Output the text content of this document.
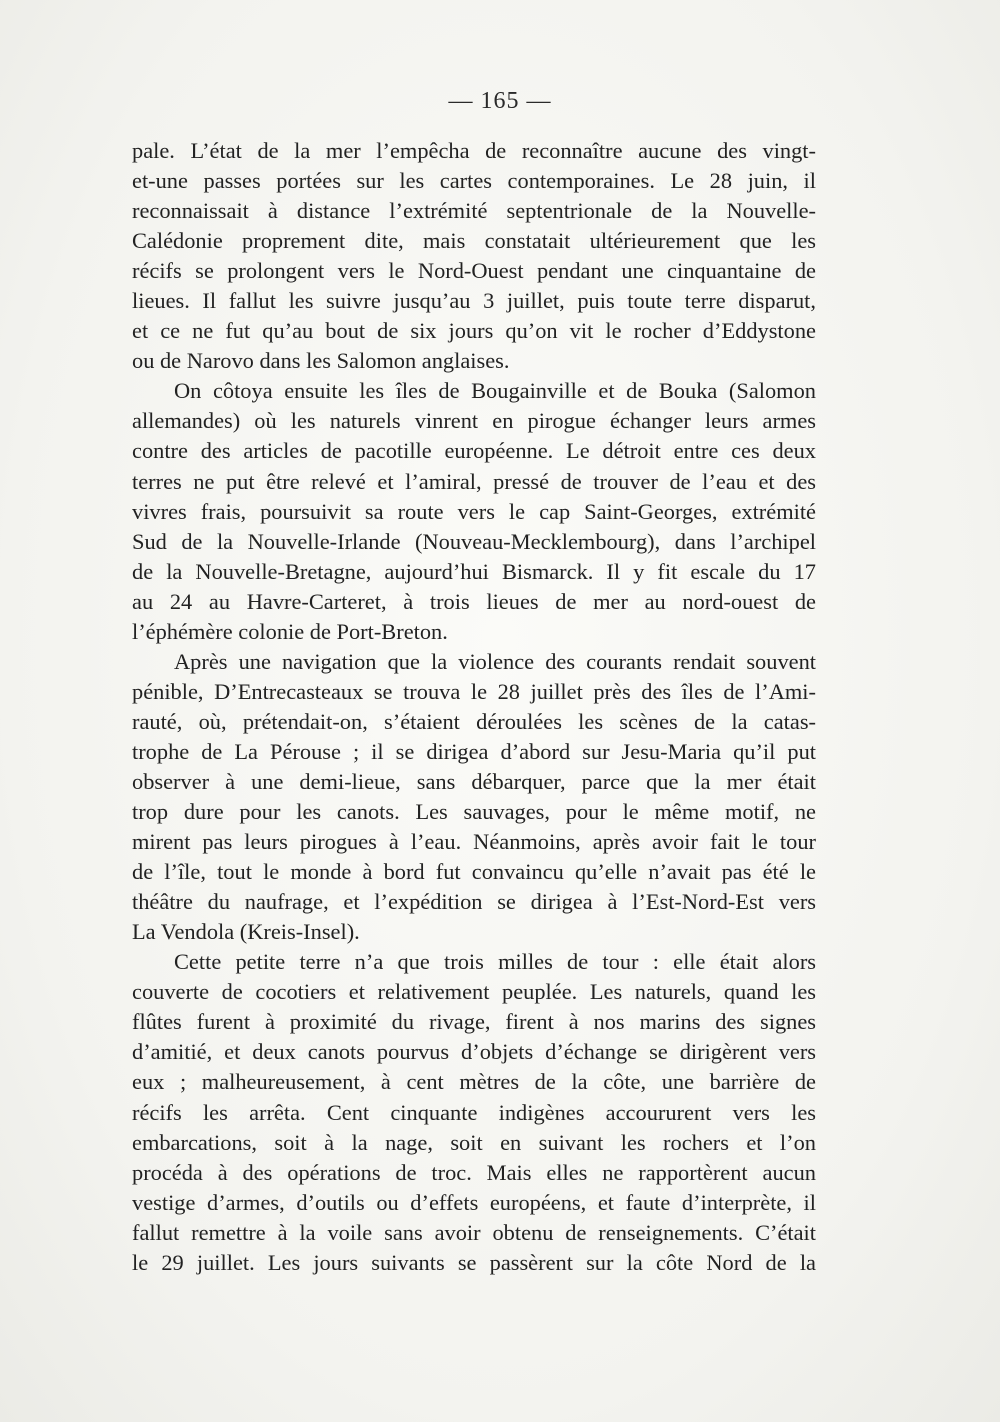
— 165 —
pale. L’état de la mer l’empêcha de reconnaître aucune des vingt-
et-une passes portées sur les cartes contemporaines. Le 28 juin, il
reconnaissait à distance l’extrémité septentrionale de la Nouvelle-
Calédonie proprement dite, mais constatait ultérieurement que les
récifs se prolongent vers le Nord-Ouest pendant une cinquantaine de
lieues. Il fallut les suivre jusqu’au 3 juillet, puis toute terre disparut,
et ce ne fut qu’au bout de six jours qu’on vit le rocher d’Eddystone
ou de Narovo dans les Salomon anglaises.
On côtoya ensuite les îles de Bougainville et de Bouka (Salomon
allemandes) où les naturels vinrent en pirogue échanger leurs armes
contre des articles de pacotille européenne. Le détroit entre ces deux
terres ne put être relevé et l’amiral, pressé de trouver de l’eau et des
vivres frais, poursuivit sa route vers le cap Saint-Georges, extrémité
Sud de la Nouvelle-Irlande (Nouveau-Mecklembourg), dans l’archipel
de la Nouvelle-Bretagne, aujourd’hui Bismarck. Il y fit escale du 17
au 24 au Havre-Carteret, à trois lieues de mer au nord-ouest de
l’éphémère colonie de Port-Breton.
Après une navigation que la violence des courants rendait souvent
pénible, D’Entrecasteaux se trouva le 28 juillet près des îles de l’Ami-
rauté, où, prétendait-on, s’étaient déroulées les scènes de la catas-
trophe de La Pérouse ; il se dirigea d’abord sur Jesu-Maria qu’il put
observer à une demi-lieue, sans débarquer, parce que la mer était
trop dure pour les canots. Les sauvages, pour le même motif, ne
mirent pas leurs pirogues à l’eau. Néanmoins, après avoir fait le tour
de l’île, tout le monde à bord fut convaincu qu’elle n’avait pas été le
théâtre du naufrage, et l’expédition se dirigea à l’Est-Nord-Est vers
La Vendola (Kreis-Insel).
Cette petite terre n’a que trois milles de tour : elle était alors
couverte de cocotiers et relativement peuplée. Les naturels, quand les
flûtes furent à proximité du rivage, firent à nos marins des signes
d’amitié, et deux canots pourvus d’objets d’échange se dirigèrent vers
eux ; malheureusement, à cent mètres de la côte, une barrière de
récifs les arrêta. Cent cinquante indigènes accoururent vers les
embarcations, soit à la nage, soit en suivant les rochers et l’on
procéda à des opérations de troc. Mais elles ne rapportèrent aucun
vestige d’armes, d’outils ou d’effets européens, et faute d’interprète, il
fallut remettre à la voile sans avoir obtenu de renseignements. C’était
le 29 juillet. Les jours suivants se passèrent sur la côte Nord de la
